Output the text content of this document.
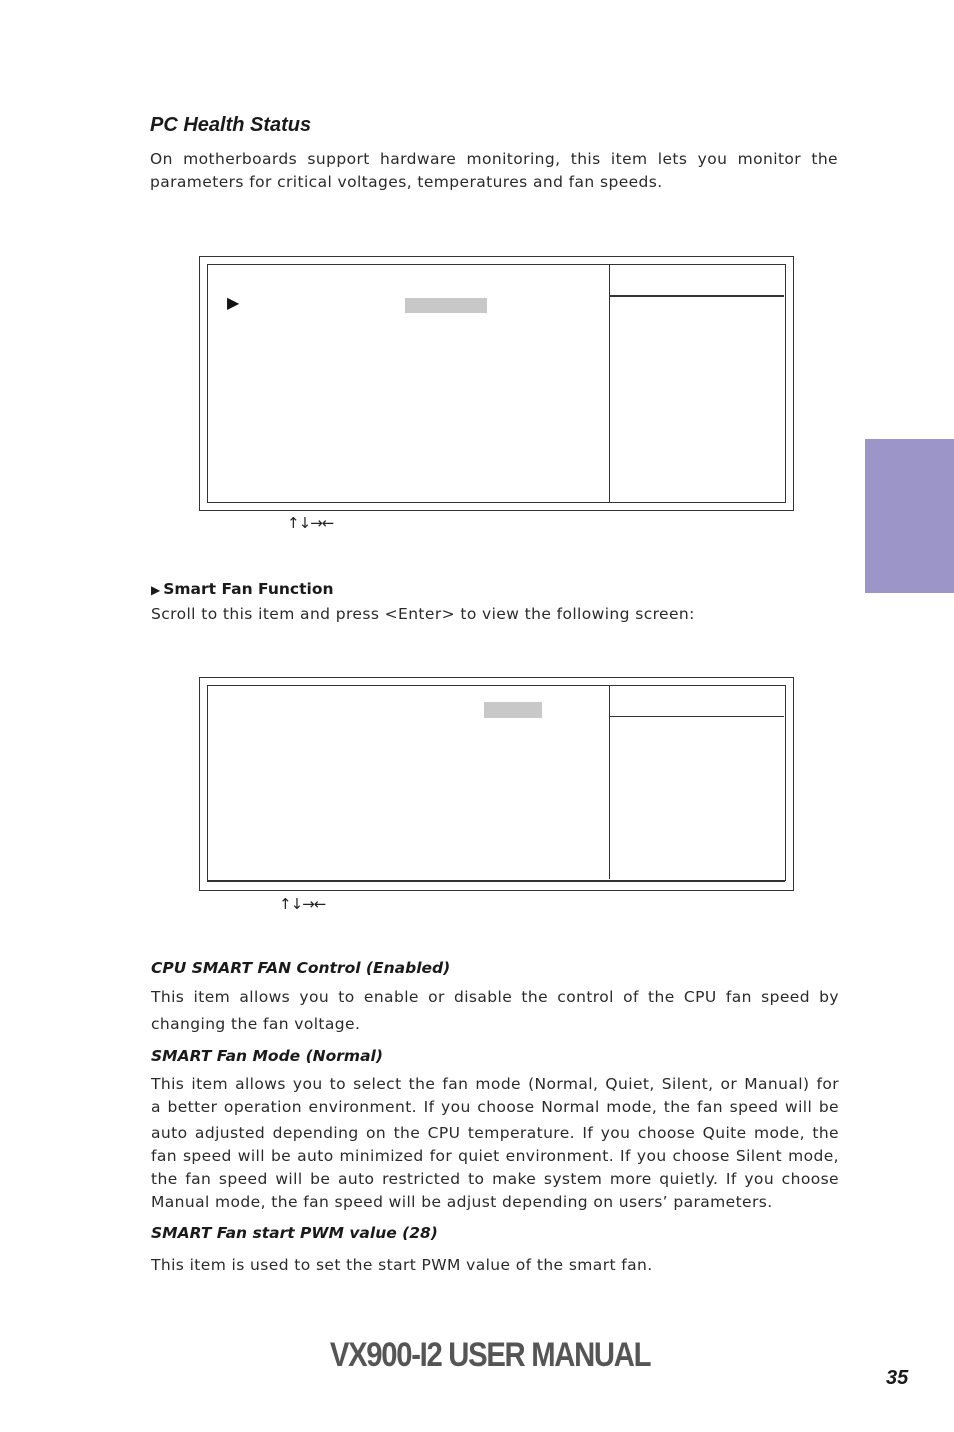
PC Health Status
On motherboards support hardware monitoring, this item lets you monitor the
parameters for critical voltages, temperatures and fan speeds.
▶
↑↓→←
▶ Smart Fan Function
Scroll to this item and press <Enter> to view the following screen:
↑↓→←
CPU SMART FAN Control (Enabled)
This item allows you to enable or disable the control of the CPU fan speed by
changing the fan voltage.
SMART Fan Mode (Normal)
This item allows you to select the fan mode (Normal, Quiet, Silent, or Manual) for
a better operation environment. If you choose Normal mode, the fan speed will be
auto adjusted depending on the CPU temperature. If you choose Quite mode, the
fan speed will be auto minimized for quiet environment. If you choose Silent mode,
the fan speed will be auto restricted to make system more quietly. If you choose
Manual mode, the fan speed will be adjust depending on users’ parameters.
SMART Fan start PWM value (28)
This item is used to set the start PWM value of the smart fan.
VX900-I2 USER MANUAL
35
